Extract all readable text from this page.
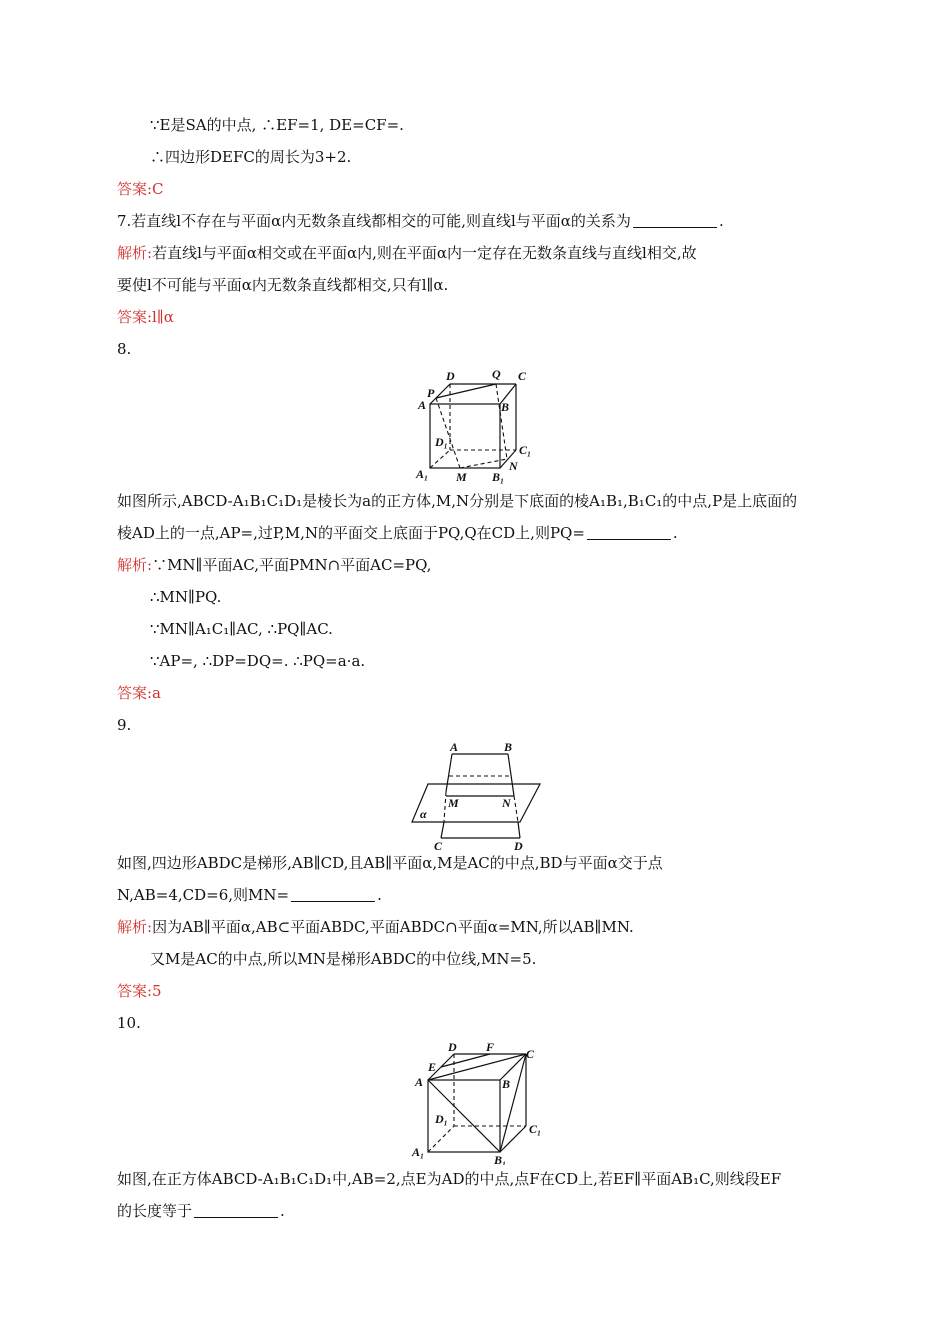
∵E是SA的中点, ∴EF=1, DE=CF=.
∴四边形DEFC的周长为3+2.
答案:C
7.若直线l不存在与平面α内无数条直线都相交的可能,则直线l与平面α的关系为	.
解析:若直线l与平面α相交或在平面α内,则在平面α内一定存在无数条直线与直线l相交,故
要使l不可能与平面α内无数条直线都相交,只有l∥α.
答案:l∥α
8.
D	Q C
P
A	B
D₁
C₁
A₁ M B₁
N
如图所示,ABCD-A₁B₁C₁D₁是棱长为a的正方体,M,N分别是下底面的棱A₁B₁,B₁C₁的中点,P是上底面的
棱AD上的一点,AP=,过P,M,N的平面交上底面于PQ,Q在CD上,则PQ=	.
解析:∵MN∥平面AC,平面PMN∩平面AC=PQ,
∴MN∥PQ.
∵MN∥A₁C₁∥AC, ∴PQ∥AC.
∵AP=, ∴DP=DQ=. ∴PQ=a·a.
答案:a
9.
A	B
M	N
α
C	D
如图,四边形ABDC是梯形,AB∥CD,且AB∥平面α,M是AC的中点,BD与平面α交于点
N,AB=4,CD=6,则MN=	.
解析:因为AB∥平面α,AB⊂平面ABDC,平面ABDC∩平面α=MN,所以AB∥MN.
又M是AC的中点,所以MN是梯形ABDC的中位线,MN=5.
答案:5
10.
D F	C
E
A	B
D₁
C₁
A₁
B₁
如图,在正方体ABCD-A₁B₁C₁D₁中,AB=2,点E为AD的中点,点F在CD上,若EF∥平面AB₁C,则线段EF
的长度等于	.
